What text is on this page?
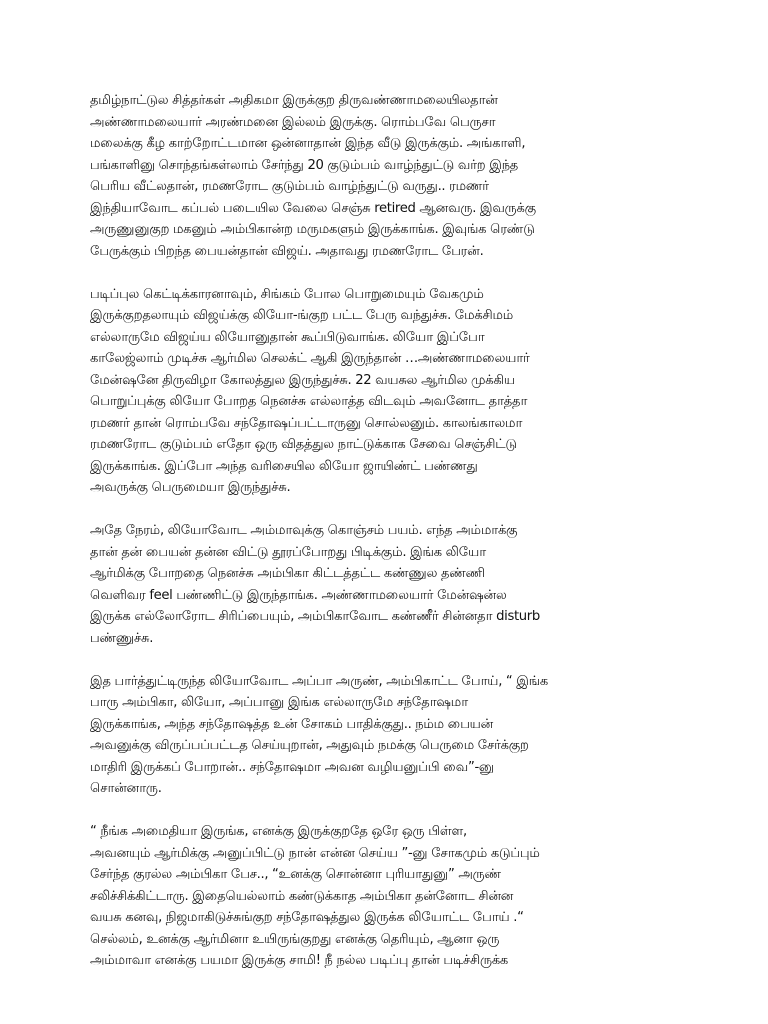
தமிழ்நாட்டுல சித்தர்கள் அதிகமா இருக்குற திருவண்ணாமலையிலதான்
அண்ணாமலையார் அரண்மனை இல்லம் இருக்கு. ரொம்பவே பெருசா
மலைக்கு கீழ காற்றோட்டமான ஒன்னாதான் இந்த வீடு இருக்கும். அங்காளி,
பங்காளினு சொந்தங்கள்லாம் சேர்ந்து 20 குடும்பம் வாழ்ந்துட்டு வர்ற இந்த
பெரிய வீட்லதான், ரமணரோட குடும்பம் வாழ்ந்துட்டு வருது.. ரமணர்
இந்தியாவோட கப்பல் படையில வேலை செஞ்சு retired ஆனவரு. இவருக்கு
அருணுனுகுற மகனும் அம்பிகான்ற மருமகளும் இருக்காங்க. இவுங்க ரெண்டு
பேருக்கும் பிறந்த பையன்தான் விஜய். அதாவது ரமணரோட பேரன்.

படிப்புல கெட்டிக்காரனாவும், சிங்கம் போல பொறுமையும் வேகமும்
இருக்குறதலாயும் விஜய்க்கு லியோ-ங்குற பட்ட பேரு வந்துச்சு. மேக்சிமம்
எல்லாருமே விஜய்ய லியோனுதான் கூப்பிடுவாங்க. லியோ இப்போ
காலேஜ்லாம் முடிச்சு ஆர்மில செலக்ட் ஆகி இருந்தான் …அண்ணாமலையார்
மேன்ஷனே திருவிழா கோலத்துல இருந்துச்சு. 22 வயசுல ஆர்மில முக்கிய
பொறுப்புக்கு லியோ போறத நெனச்சு எல்லாத்த விடவும் அவனோட தாத்தா
ரமணர் தான் ரொம்பவே சந்தோஷப்பட்டாருனு சொல்லனும். காலங்காலமா
ரமணரோட குடும்பம் எதோ ஒரு விதத்துல நாட்டுக்காக சேவை செஞ்சிட்டு
இருக்காங்க. இப்போ அந்த வரிசையில லியோ ஜாயிண்ட் பண்ணது
அவருக்கு பெருமையா இருந்துச்சு.

அதே நேரம், லியோவோட அம்மாவுக்கு கொஞ்சம் பயம். எந்த அம்மாக்கு
தான் தன் பையன் தன்ன விட்டு தூரப்போறது பிடிக்கும். இங்க லியோ
ஆர்மிக்கு போறதை நெனச்சு அம்பிகா கிட்டத்தட்ட கண்ணுல தண்ணி
வெளிவர feel பண்ணிட்டு இருந்தாங்க. அண்ணாமலையார் மேன்ஷன்ல
இருக்க எல்லோரோட சிரிப்பையும், அம்பிகாவோட கண்ணீர் சின்னதா disturb
பண்ணுச்சு.

இத பார்த்துட்டிருந்த லியோவோட அப்பா அருண், அம்பிகாட்ட போய், “ இங்க
பாரு அம்பிகா, லியோ, அப்பானு இங்க எல்லாருமே சந்தோஷமா
இருக்காங்க, அந்த சந்தோஷத்த உன் சோகம் பாதிக்குது.. நம்ம பையன்
அவனுக்கு விருப்பப்பட்டத செய்யுறான், அதுவும் நமக்கு பெருமை சேர்க்குற
மாதிரி இருக்கப் போறான்.. சந்தோஷமா அவன வழியனுப்பி வை”-னு
சொன்னாரு.

“ நீங்க அமைதியா இருங்க, எனக்கு இருக்குறதே ஒரே ஒரு பிள்ள,
அவனயும் ஆர்மிக்கு அனுப்பிட்டு நான் என்ன செய்ய ”-னு சோகமும் கடுப்பும்
சேர்ந்த குரல்ல அம்பிகா பேச.., “உனக்கு சொன்னா புரியாதுனு” அருண்
சலிச்சிக்கிட்டாரு. இதையெல்லாம் கண்டுக்காத அம்பிகா தன்னோட சின்ன
வயசு கனவு, நிஜமாகிடுச்சுங்குற சந்தோஷத்துல இருக்க லியோட்ட போய் .“
செல்லம், உனக்கு ஆர்மினா உயிருங்குறது எனக்கு தெரியும், ஆனா ஒரு
அம்மாவா எனக்கு பயமா இருக்கு சாமி! நீ நல்ல படிப்பு தான் படிச்சிருக்க
